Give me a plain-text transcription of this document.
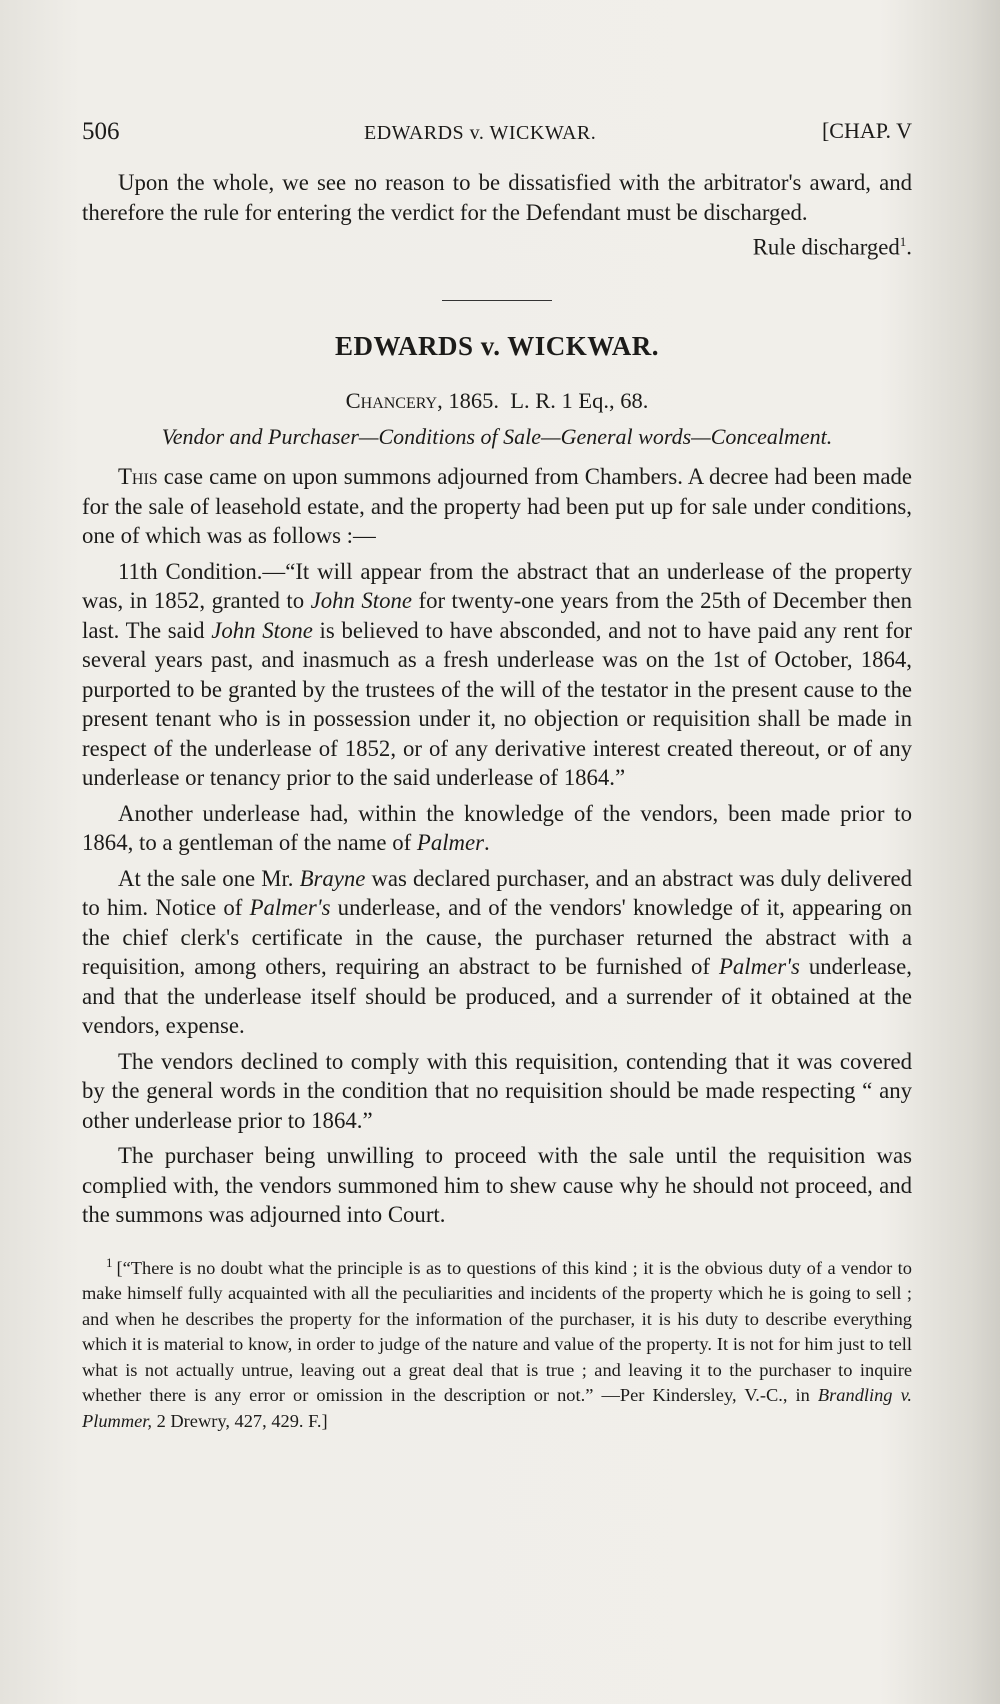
506	EDWARDS v. WICKWAR.	[CHAP. V

Upon the whole, we see no reason to be dissatisfied with the arbitrator's award, and therefore the rule for entering the verdict for the Defendant must be discharged.

Rule discharged$^1$.
EDWARDS v. WICKWAR.
Chancery, 1865. L. R. 1 Eq., 68.
Vendor and Purchaser—Conditions of Sale—General words—Concealment.

This case came on upon summons adjourned from Chambers. A decree had been made for the sale of leasehold estate, and the property had been put up for sale under conditions, one of which was as follows :—

11th Condition.—“It will appear from the abstract that an underlease of the property was, in 1852, granted to John Stone for twenty-one years from the 25th of December then last. The said John Stone is believed to have absconded, and not to have paid any rent for several years past, and inasmuch as a fresh underlease was on the 1st of October, 1864, purported to be granted by the trustees of the will of the testator in the present cause to the present tenant who is in possession under it, no objection or requisition shall be made in respect of the underlease of 1852, or of any derivative interest created thereout, or of any underlease or tenancy prior to the said underlease of 1864.”

Another underlease had, within the knowledge of the vendors, been made prior to 1864, to a gentleman of the name of Palmer.

At the sale one Mr. Brayne was declared purchaser, and an abstract was duly delivered to him. Notice of Palmer's underlease, and of the vendors' knowledge of it, appearing on the chief clerk's certificate in the cause, the purchaser returned the abstract with a requisition, among others, requiring an abstract to be furnished of Palmer's underlease, and that the underlease itself should be produced, and a surrender of it obtained at the vendors, expense.

The vendors declined to comply with this requisition, contending that it was covered by the general words in the condition that no requisition should be made respecting “ any other underlease prior to 1864.”

The purchaser being unwilling to proceed with the sale until the requisition was complied with, the vendors summoned him to shew cause why he should not proceed, and the summons was adjourned into Court.

$^1$ [“There is no doubt what the principle is as to questions of this kind ; it is the obvious duty of a vendor to make himself fully acquainted with all the peculiarities and incidents of the property which he is going to sell ; and when he describes the property for the information of the purchaser, it is his duty to describe everything which it is material to know, in order to judge of the nature and value of the property. It is not for him just to tell what is not actually untrue, leaving out a great deal that is true ; and leaving it to the purchaser to inquire whether there is any error or omission in the description or not.” —Per Kindersley, V.-C., in Brandling v. Plummer, 2 Drewry, 427, 429. F.]
